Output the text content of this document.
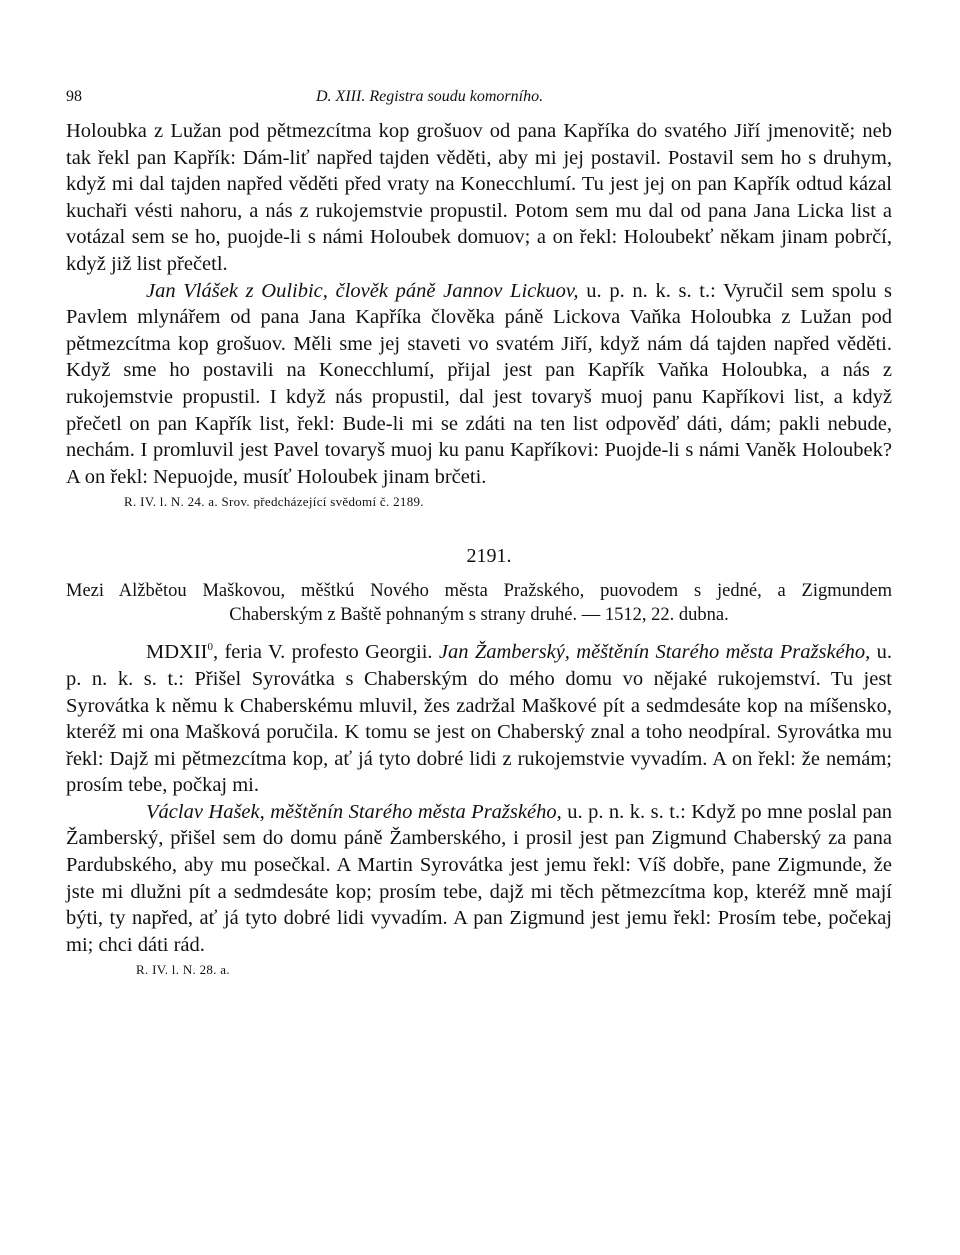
98	D. XIII. Registra soudu komorního.

Holoubka z Lužan pod pětmezcítma kop grošuov od pana Kapříka do svatého Jiří jmenovitě; neb tak řekl pan Kapřík: Dám-liť napřed tajden věděti, aby mi jej postavil. Postavil sem ho s druhym, když mi dal tajden napřed věděti před vraty na Konecchlumí. Tu jest jej on pan Kapřík odtud kázal kuchaři vésti nahoru, a nás z rukojemstvie propustil. Potom sem mu dal od pana Jana Licka list a votázal sem se ho, puojde-li s námi Holoubek domuov; a on řekl: Holoubekť někam jinam pobrčí, když již list přečetl.

Jan Vlášek z Oulibic, člověk páně Jannov Lickuov, u. p. n. k. s. t.: Vyručil sem spolu s Pavlem mlynářem od pana Jana Kapříka člověka páně Lickova Vaňka Holoubka z Lužan pod pětmezcítma kop grošuov. Měli sme jej staveti vo svatém Jiří, když nám dá tajden napřed věděti. Když sme ho postavili na Konecchlumí, přijal jest pan Kapřík Vaňka Holoubka, a nás z rukojemstvie propustil. I když nás propustil, dal jest tovaryš muoj panu Kapříkovi list, a když přečetl on pan Kapřík list, řekl: Bude-li mi se zdáti na ten list odpověď dáti, dám; pakli nebude, nechám. I promluvil jest Pavel tovaryš muoj ku panu Kapříkovi: Puojde-li s námi Vaněk Holoubek? A on řekl: Nepuojde, musíť Holoubek jinam brčeti.

R. IV. l. N. 24. a. Srov. předcházející svědomí č. 2189.

2191.
Mezi Alžbětou Maškovou, měštkú Nového města Pražského, puovodem s jedné, a Zigmundem
Chaberským z Baště pohnaným s strany druhé. — 1512, 22. dubna.

MDXII$^0$, feria V. profesto Georgii. Jan Žamberský, měštěnín Starého města Pražského, u. p. n. k. s. t.: Přišel Syrovátka s Chaberským do mého domu vo nějaké rukojemství. Tu jest Syrovátka k němu k Chaberskému mluvil, žes zadržal Maškové pít a sedmdesáte kop na míšensko, kteréž mi ona Mašková poručila. K tomu se jest on Chaberský znal a toho neodpíral. Syrovátka mu řekl: Dajž mi pětmezcítma kop, ať já tyto dobré lidi z rukojemstvie vyvadím. A on řekl: že nemám; prosím tebe, počkaj mi.

Václav Hašek, měštěnín Starého města Pražského, u. p. n. k. s. t.: Když po mne poslal pan Žamberský, přišel sem do domu páně Žamberského, i prosil jest pan Zigmund Chaberský za pana Pardubského, aby mu posečkal. A Martin Syrovátka jest jemu řekl: Víš dobře, pane Zigmunde, že jste mi dlužni pít a sedmdesáte kop; prosím tebe, dajž mi těch pětmezcítma kop, kteréž mně mají býti, ty napřed, ať já tyto dobré lidi vyvadím. A pan Zigmund jest jemu řekl: Prosím tebe, počekaj mi; chci dáti rád.

R. IV. l. N. 28. a.
